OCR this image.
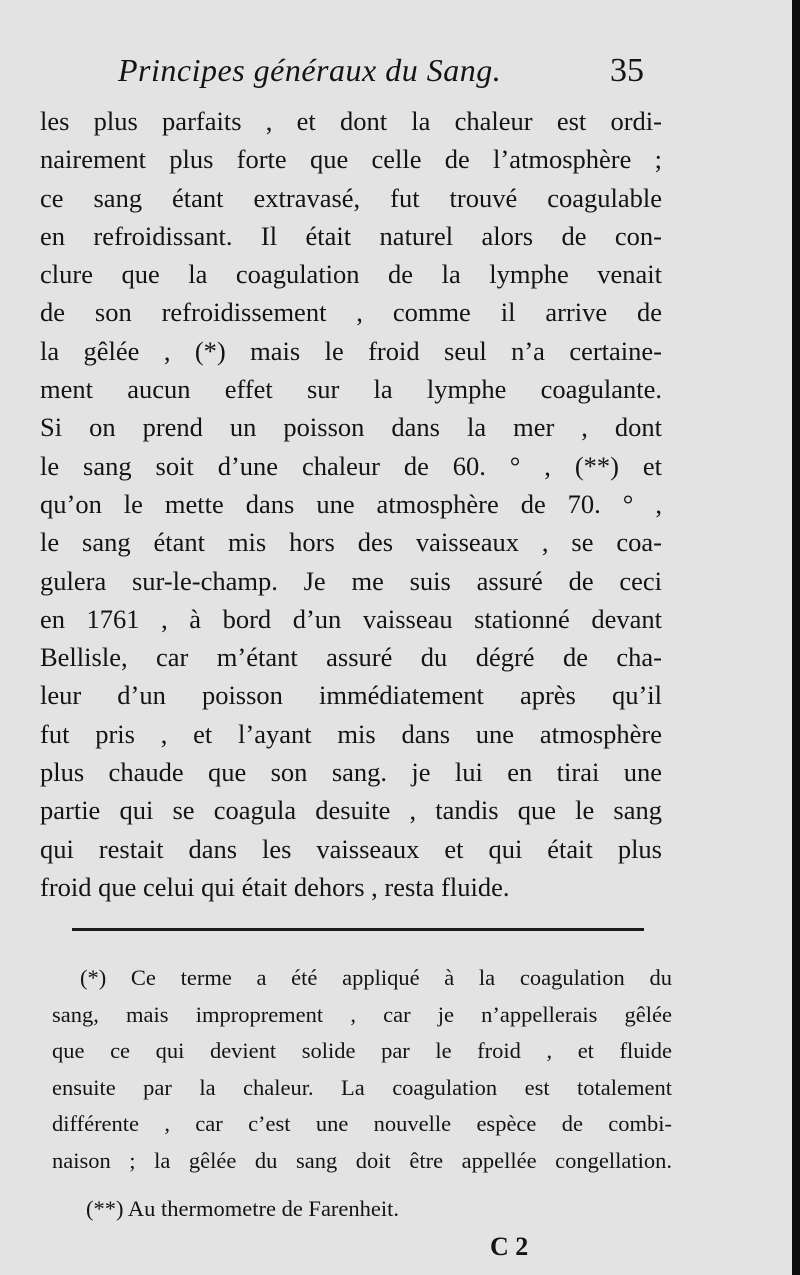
Principes généraux du Sang.	35
les plus parfaits , et dont la chaleur est ordi-
nairement plus forte que celle de l’atmosphère ;
ce sang étant extravasé, fut trouvé coagulable
en refroidissant. Il était naturel alors de con-
clure que la coagulation de la lymphe venait
de son refroidissement , comme il arrive de
la gêlée , (*) mais le froid seul n’a certaine-
ment aucun effet sur la lymphe coagulante.
Si on prend un poisson dans la mer , dont
le sang soit d’une chaleur de 60. ° , (**) et
qu’on le mette dans une atmosphère de 70. ° ,
le sang étant mis hors des vaisseaux , se coa-
gulera sur-le-champ. Je me suis assuré de ceci
en 1761 , à bord d’un vaisseau stationné devant
Bellisle, car m’étant assuré du dégré de cha-
leur d’un poisson immédiatement après qu’il
fut pris , et l’ayant mis dans une atmosphère
plus chaude que son sang. je lui en tirai une
partie qui se coagula desuite , tandis que le sang
qui restait dans les vaisseaux et qui était plus
froid que celui qui était dehors , resta fluide.
(*) Ce terme a été appliqué à la coagulation du
sang, mais improprement , car je n’appellerais gêlée
que ce qui devient solide par le froid , et fluide
ensuite par la chaleur. La coagulation est totalement
différente , car c’est une nouvelle espèce de combi-
naison ; la gêlée du sang doit être appellée congellation.
(**) Au thermometre de Farenheit.
C 2
